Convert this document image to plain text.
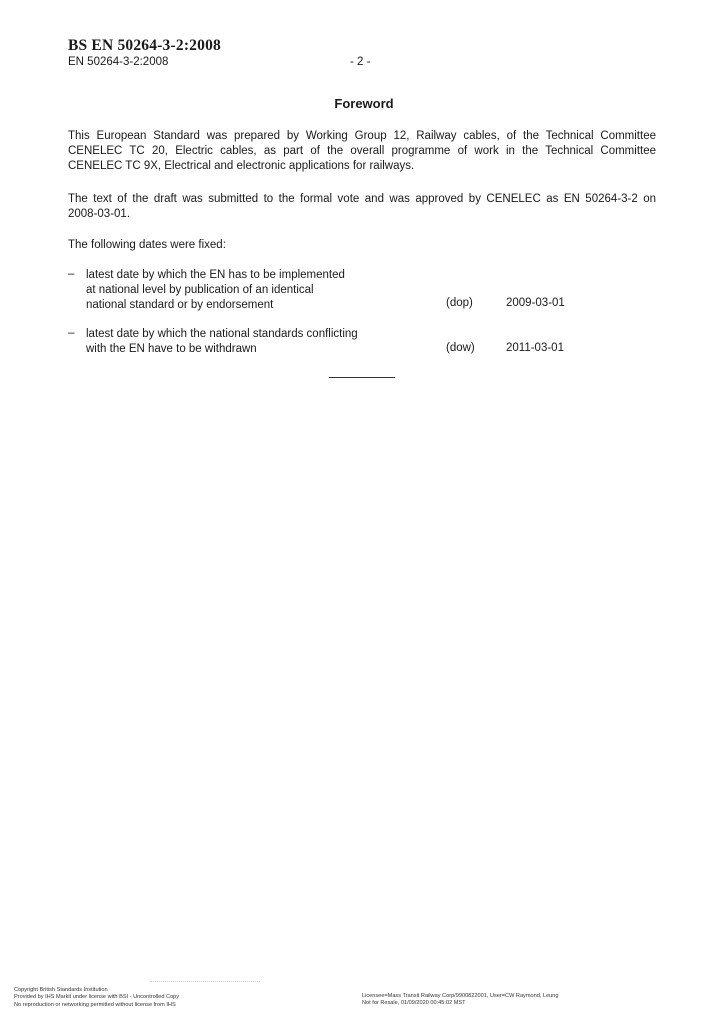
BS EN 50264-3-2:2008
EN 50264-3-2:2008	- 2 -
Foreword
This European Standard was prepared by Working Group 12, Railway cables, of the Technical Committee
CENELEC TC 20, Electric cables, as part of the overall programme of work in the Technical Committee
CENELEC TC 9X, Electrical and electronic applications for railways.
The text of the draft was submitted to the formal vote and was approved by CENELEC as EN 50264-3-2 on
2008-03-01.
The following dates were fixed:
– latest date by which the EN has to be implemented
at national level by publication of an identical
national standard or by endorsement	(dop)	2009-03-01
– latest date by which the national standards conflicting
with the EN have to be withdrawn	(dow)	2011-03-01
Copyright British Standards Institution
Provided by IHS Markit under license with BSI - Uncontrolled Copy
No reproduction or networking permitted without license from IHS
Licensee=Mass Transit Railway Corp/9900822001, User=CW Raymond, Leung
Not for Resale, 01/09/2020 00:45:02 MST
